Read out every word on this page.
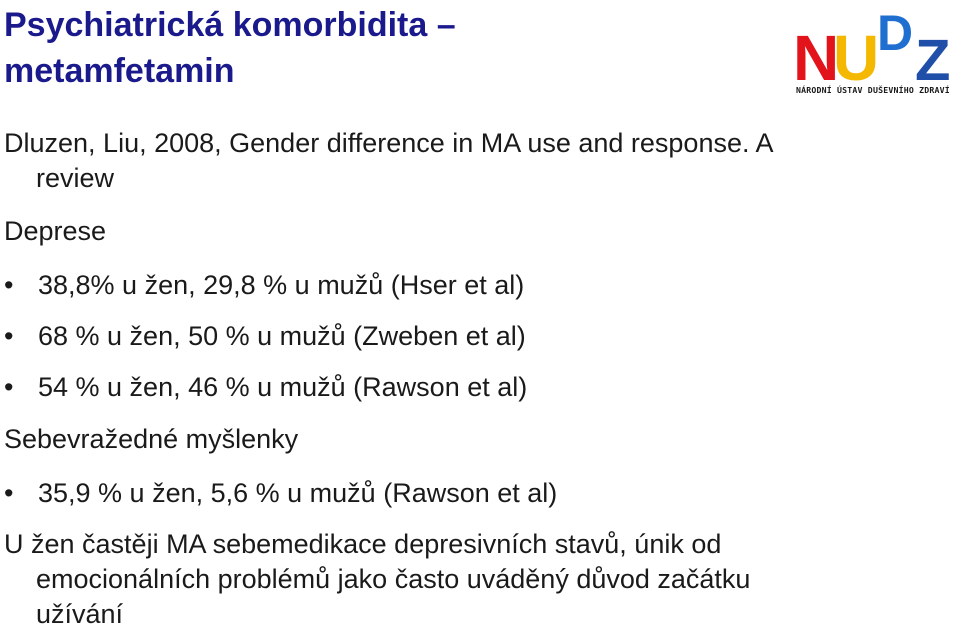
Psychiatrická komorbidita –
metamfetamin	N
U
D Z
NÁRODNÍ ÚSTAV DUŠEVNÍHO ZDRAVÍ

Dluzen, Liu, 2008, Gender difference in MA use and response. A
review

Deprese

• 38,8% u žen, 29,8 % u mužů (Hser et al)
• 68 % u žen, 50 % u mužů (Zweben et al)
• 54 % u žen, 46 % u mužů (Rawson et al)

Sebevražedné myšlenky

• 35,9 % u žen, 5,6 % u mužů (Rawson et al)

U žen častěji MA sebemedikace depresivních stavů, únik od
emocionálních problémů jako často uváděný důvod začátku
užívání
